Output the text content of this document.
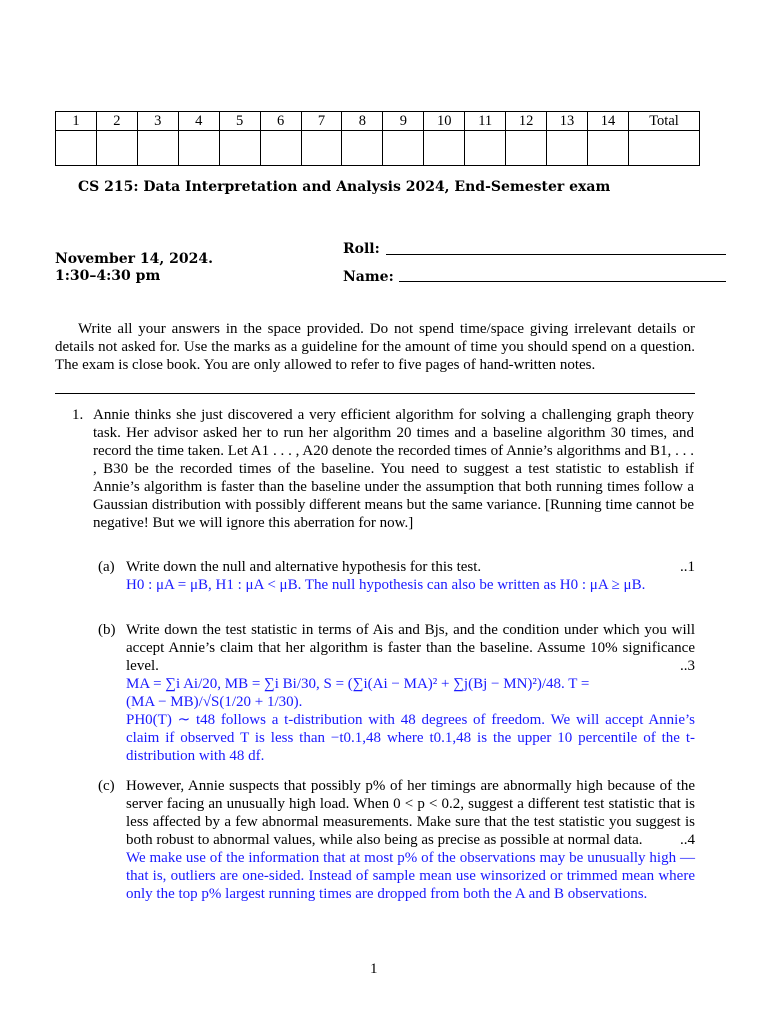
1	2	3	4	5	6	7	8	9	10	11	12	13	14	Total

CS 215: Data Interpretation and Analysis 2024, End-Semester exam
November 14, 2024.
1:30–4:30 pm
Roll:
Name:
Write all your answers in the space provided. Do not spend time/space giving irrelevant details or details not asked for. Use the marks as a guideline for the amount of time you should spend on a question. The exam is close book. You are only allowed to refer to five pages of hand-written notes.
1. Annie thinks she just discovered a very efficient algorithm for solving a challenging graph theory task. Her advisor asked her to run her algorithm 20 times and a baseline algorithm 30 times, and record the time taken. Let A1 . . . , A20 denote the recorded times of Annie’s algorithms and B1, . . . , B30 be the recorded times of the baseline. You need to suggest a test statistic to establish if Annie’s algorithm is faster than the baseline under the assumption that both running times follow a Gaussian distribution with possibly different means but the same variance. [Running time cannot be negative! But we will ignore this aberration for now.]
(a) Write down the null and alternative hypothesis for this test.	..1
H0 : μA = μB, H1 : μA < μB. The null hypothesis can also be written as H0 : μA ≥ μB.
(b) Write down the test statistic in terms of Ais and Bjs, and the condition under which you will accept Annie’s claim that her algorithm is faster than the baseline. Assume 10% significance level.	..3
MA = ∑i Ai/20, MB = ∑i Bi/30, S = (∑i(Ai − MA)² + ∑j(Bj − MN)²)/48. T =
(MA − MB)/√S(1/20 + 1/30).
PH0(T) ∼ t48 follows a t-distribution with 48 degrees of freedom. We will accept Annie’s claim if observed T is less than −t0.1,48 where t0.1,48 is the upper 10 percentile of the t-distribution with 48 df.
(c) However, Annie suspects that possibly p% of her timings are abnormally high because of the server facing an unusually high load. When 0 < p < 0.2, suggest a different test statistic that is less affected by a few abnormal measurements. Make sure that the test statistic you suggest is both robust to abnormal values, while also being as precise as possible at normal data.	..4
We make use of the information that at most p% of the observations may be unusually high — that is, outliers are one-sided. Instead of sample mean use winsorized or trimmed mean where only the top p% largest running times are dropped from both the A and B observations.
1
